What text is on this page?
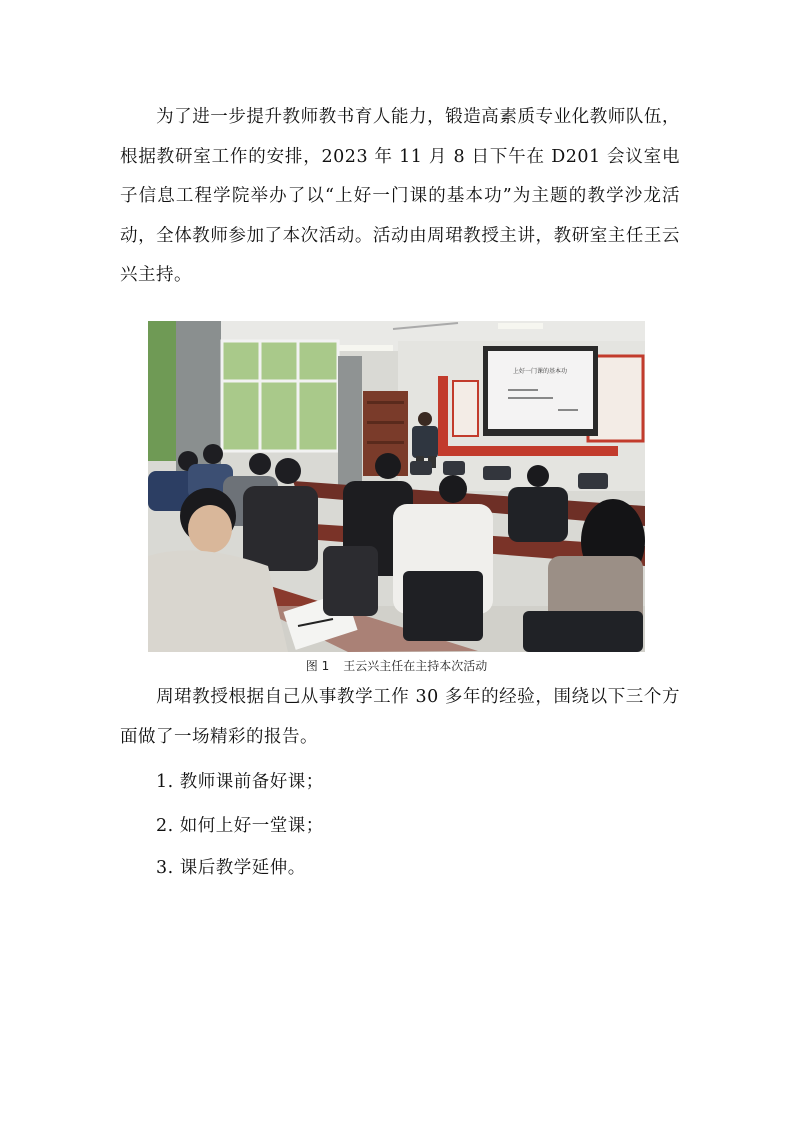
为了进一步提升教师教书育人能力，锻造高素质专业化教师队伍，根据教研室工作的安排，2023 年 11 月 8 日下午在 D201 会议室电子信息工程学院举办了以“上好一门课的基本功”为主题的教学沙龙活动，全体教师参加了本次活动。活动由周珺教授主讲，教研室主任王云兴主持。

上好一门课的基本功
图 1 王云兴主任在主持本次活动

周珺教授根据自己从事教学工作 30 多年的经验，围绕以下三个方面做了一场精彩的报告。

1. 教师课前备好课；

2. 如何上好一堂课；

3. 课后教学延伸。
